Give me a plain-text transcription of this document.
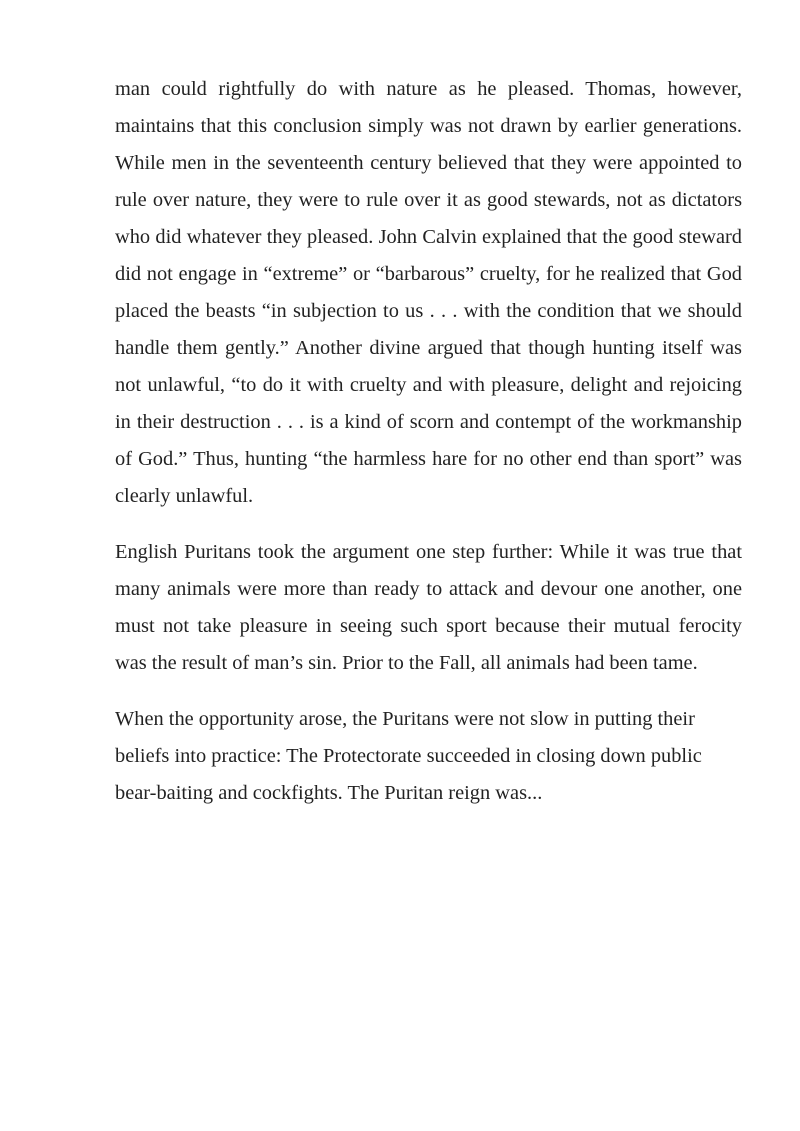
man could rightfully do with nature as he pleased. Thomas, however, maintains that this conclusion simply was not drawn by earlier generations. While men in the seventeenth century believed that they were appointed to rule over nature, they were to rule over it as good stewards, not as dictators who did whatever they pleased. John Calvin explained that the good steward did not engage in “extreme” or “barbarous” cruelty, for he realized that God placed the beasts “in subjection to us . . . with the condition that we should handle them gently.” Another divine argued that though hunting itself was not unlawful, “to do it with cruelty and with pleasure, delight and rejoicing in their destruction . . . is a kind of scorn and contempt of the workmanship of God.” Thus, hunting “the harmless hare for no other end than sport” was clearly unlawful.

English Puritans took the argument one step further: While it was true that many animals were more than ready to attack and devour one another, one must not take pleasure in seeing such sport because their mutual ferocity was the result of man’s sin. Prior to the Fall, all animals had been tame.

When the opportunity arose, the Puritans were not slow in putting their beliefs into practice: The Protectorate succeeded in closing down public bear-baiting and cockfights. The Puritan reign was...
